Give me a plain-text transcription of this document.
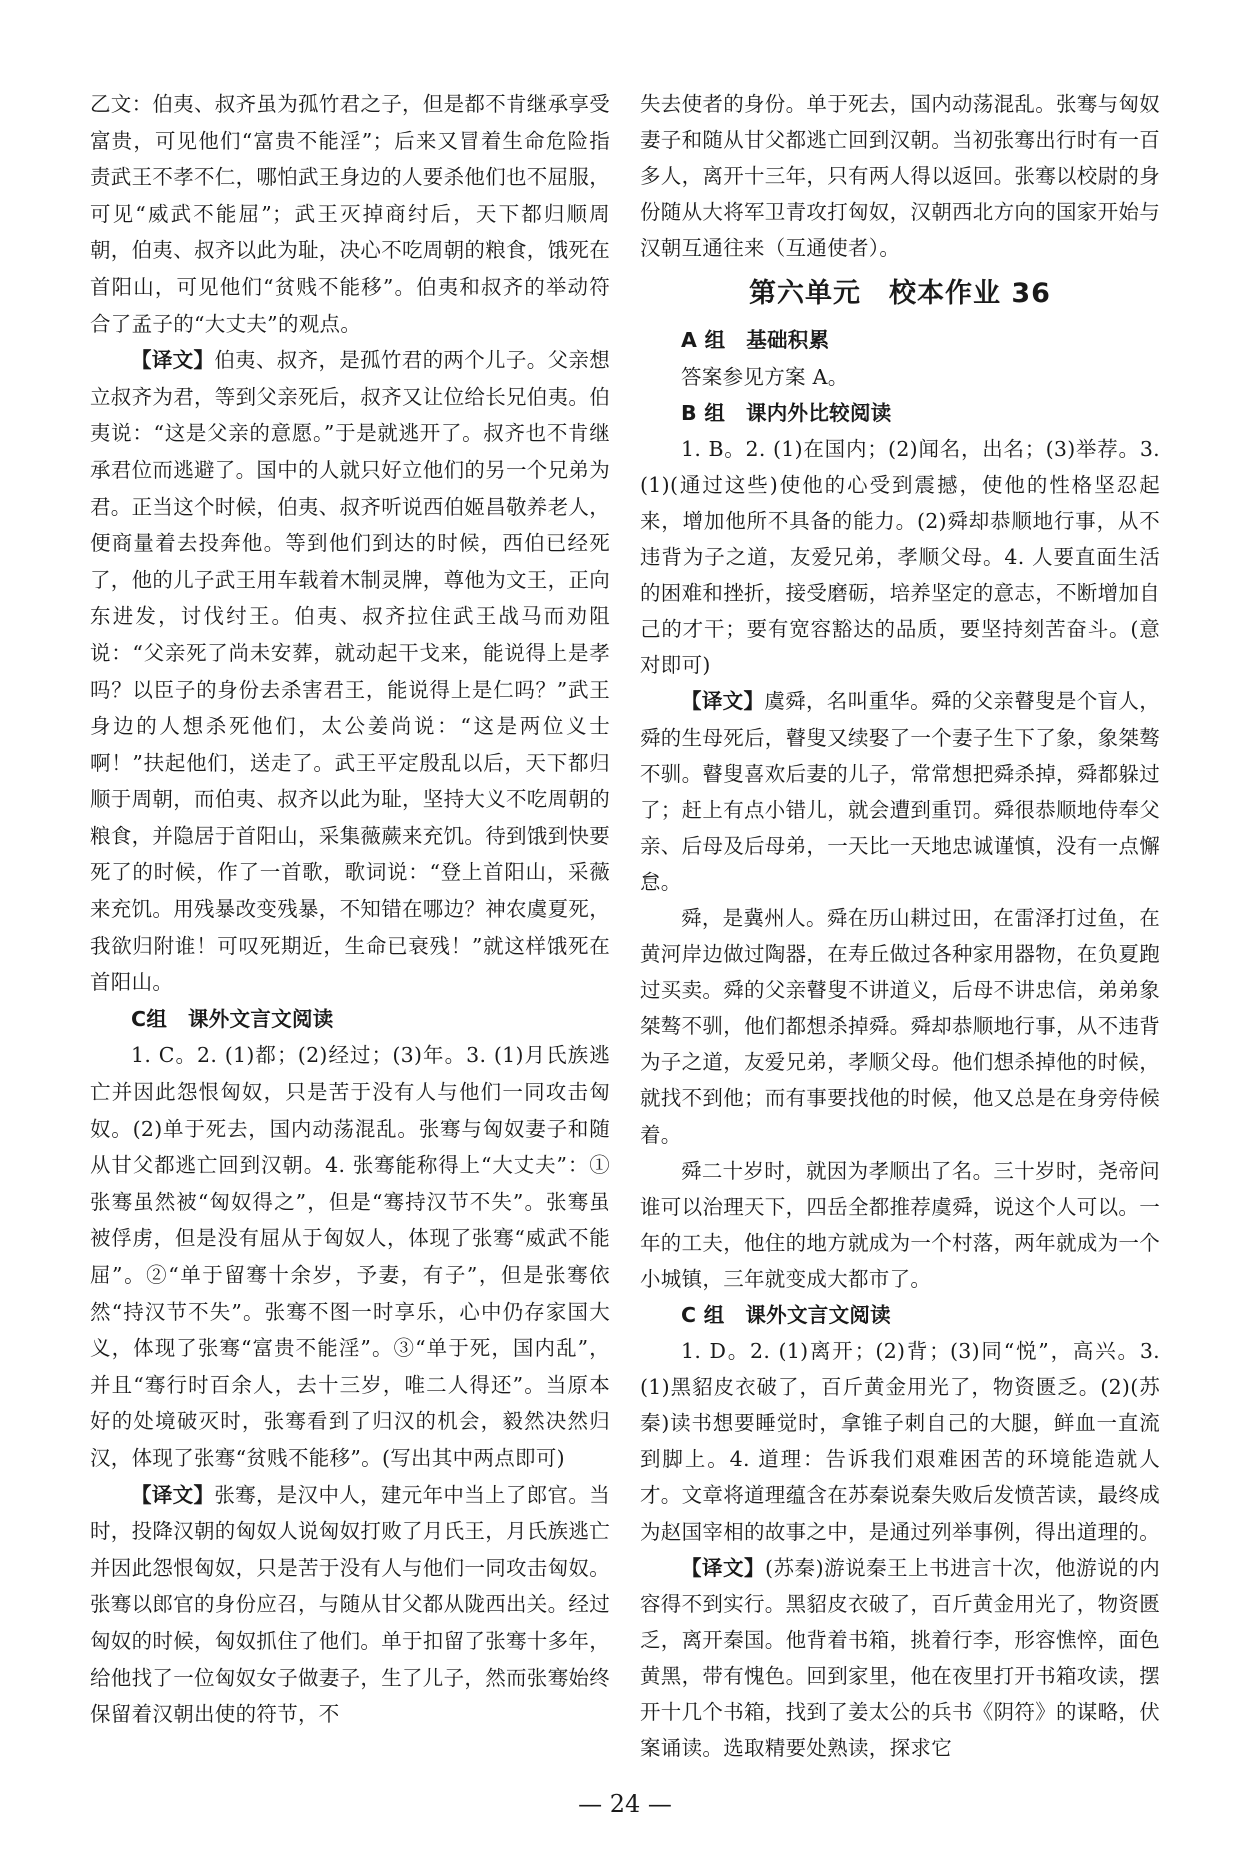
乙文：伯夷、叔齐虽为孤竹君之子，但是都不肯继承享受富贵，可见他们“富贵不能淫”；后来又冒着生命危险指责武王不孝不仁，哪怕武王身边的人要杀他们也不屈服，可见“威武不能屈”；武王灭掉商纣后，天下都归顺周朝，伯夷、叔齐以此为耻，决心不吃周朝的粮食，饿死在首阳山，可见他们“贫贱不能移”。伯夷和叔齐的举动符合了孟子的“大丈夫”的观点。

【译文】伯夷、叔齐，是孤竹君的两个儿子。父亲想立叔齐为君，等到父亲死后，叔齐又让位给长兄伯夷。伯夷说：“这是父亲的意愿。”于是就逃开了。叔齐也不肯继承君位而逃避了。国中的人就只好立他们的另一个兄弟为君。正当这个时候，伯夷、叔齐听说西伯姬昌敬养老人，便商量着去投奔他。等到他们到达的时候，西伯已经死了，他的儿子武王用车载着木制灵牌，尊他为文王，正向东进发，讨伐纣王。伯夷、叔齐拉住武王战马而劝阻说：“父亲死了尚未安葬，就动起干戈来，能说得上是孝吗？以臣子的身份去杀害君王，能说得上是仁吗？”武王身边的人想杀死他们，太公姜尚说：“这是两位义士啊！”扶起他们，送走了。武王平定殷乱以后，天下都归顺于周朝，而伯夷、叔齐以此为耻，坚持大义不吃周朝的粮食，并隐居于首阳山，采集薇蕨来充饥。待到饿到快要死了的时候，作了一首歌，歌词说：“登上首阳山，采薇来充饥。用残暴改变残暴，不知错在哪边？神农虞夏死，我欲归附谁！可叹死期近，生命已衰残！”就这样饿死在首阳山。

C组　课外文言文阅读

1. C。2. (1)都；(2)经过；(3)年。3. (1)月氏族逃亡并因此怨恨匈奴，只是苦于没有人与他们一同攻击匈奴。(2)单于死去，国内动荡混乱。张骞与匈奴妻子和随从甘父都逃亡回到汉朝。4. 张骞能称得上“大丈夫”：①张骞虽然被“匈奴得之”，但是“骞持汉节不失”。张骞虽被俘虏，但是没有屈从于匈奴人，体现了张骞“威武不能屈”。②“单于留骞十余岁，予妻，有子”，但是张骞依然“持汉节不失”。张骞不图一时享乐，心中仍存家国大义，体现了张骞“富贵不能淫”。③“单于死，国内乱”，并且“骞行时百余人，去十三岁，唯二人得还”。当原本好的处境破灭时，张骞看到了归汉的机会，毅然决然归汉，体现了张骞“贫贱不能移”。(写出其中两点即可)

【译文】张骞，是汉中人，建元年中当上了郎官。当时，投降汉朝的匈奴人说匈奴打败了月氏王，月氏族逃亡并因此怨恨匈奴，只是苦于没有人与他们一同攻击匈奴。张骞以郎官的身份应召，与随从甘父都从陇西出关。经过匈奴的时候，匈奴抓住了他们。单于扣留了张骞十多年，给他找了一位匈奴女子做妻子，生了儿子，然而张骞始终保留着汉朝出使的符节，不

失去使者的身份。单于死去，国内动荡混乱。张骞与匈奴妻子和随从甘父都逃亡回到汉朝。当初张骞出行时有一百多人，离开十三年，只有两人得以返回。张骞以校尉的身份随从大将军卫青攻打匈奴，汉朝西北方向的国家开始与汉朝互通往来（互通使者）。

第六单元　校本作业 36

A 组　基础积累

答案参见方案 A。

B 组　课内外比较阅读

1. B。2. (1)在国内；(2)闻名，出名；(3)举荐。3. (1)(通过这些)使他的心受到震撼，使他的性格坚忍起来，增加他所不具备的能力。(2)舜却恭顺地行事，从不违背为子之道，友爱兄弟，孝顺父母。4. 人要直面生活的困难和挫折，接受磨砺，培养坚定的意志，不断增加自己的才干；要有宽容豁达的品质，要坚持刻苦奋斗。(意对即可)

【译文】虞舜，名叫重华。舜的父亲瞽叟是个盲人，舜的生母死后，瞽叟又续娶了一个妻子生下了象，象桀骜不驯。瞽叟喜欢后妻的儿子，常常想把舜杀掉，舜都躲过了；赶上有点小错儿，就会遭到重罚。舜很恭顺地侍奉父亲、后母及后母弟，一天比一天地忠诚谨慎，没有一点懈怠。

舜，是冀州人。舜在历山耕过田，在雷泽打过鱼，在黄河岸边做过陶器，在寿丘做过各种家用器物，在负夏跑过买卖。舜的父亲瞽叟不讲道义，后母不讲忠信，弟弟象桀骜不驯，他们都想杀掉舜。舜却恭顺地行事，从不违背为子之道，友爱兄弟，孝顺父母。他们想杀掉他的时候，就找不到他；而有事要找他的时候，他又总是在身旁侍候着。

舜二十岁时，就因为孝顺出了名。三十岁时，尧帝问谁可以治理天下，四岳全都推荐虞舜，说这个人可以。一年的工夫，他住的地方就成为一个村落，两年就成为一个小城镇，三年就变成大都市了。

C 组　课外文言文阅读

1. D。2. (1)离开；(2)背；(3)同“悦”，高兴。3. (1)黑貂皮衣破了，百斤黄金用光了，物资匮乏。(2)(苏秦)读书想要睡觉时，拿锥子刺自己的大腿，鲜血一直流到脚上。4. 道理：告诉我们艰难困苦的环境能造就人才。文章将道理蕴含在苏秦说秦失败后发愤苦读，最终成为赵国宰相的故事之中，是通过列举事例，得出道理的。

【译文】(苏秦)游说秦王上书进言十次，他游说的内容得不到实行。黑貂皮衣破了，百斤黄金用光了，物资匮乏，离开秦国。他背着书箱，挑着行李，形容憔悴，面色黄黑，带有愧色。回到家里，他在夜里打开书箱攻读，摆开十几个书箱，找到了姜太公的兵书《阴符》的谋略，伏案诵读。选取精要处熟读，探求它

— 24 —
